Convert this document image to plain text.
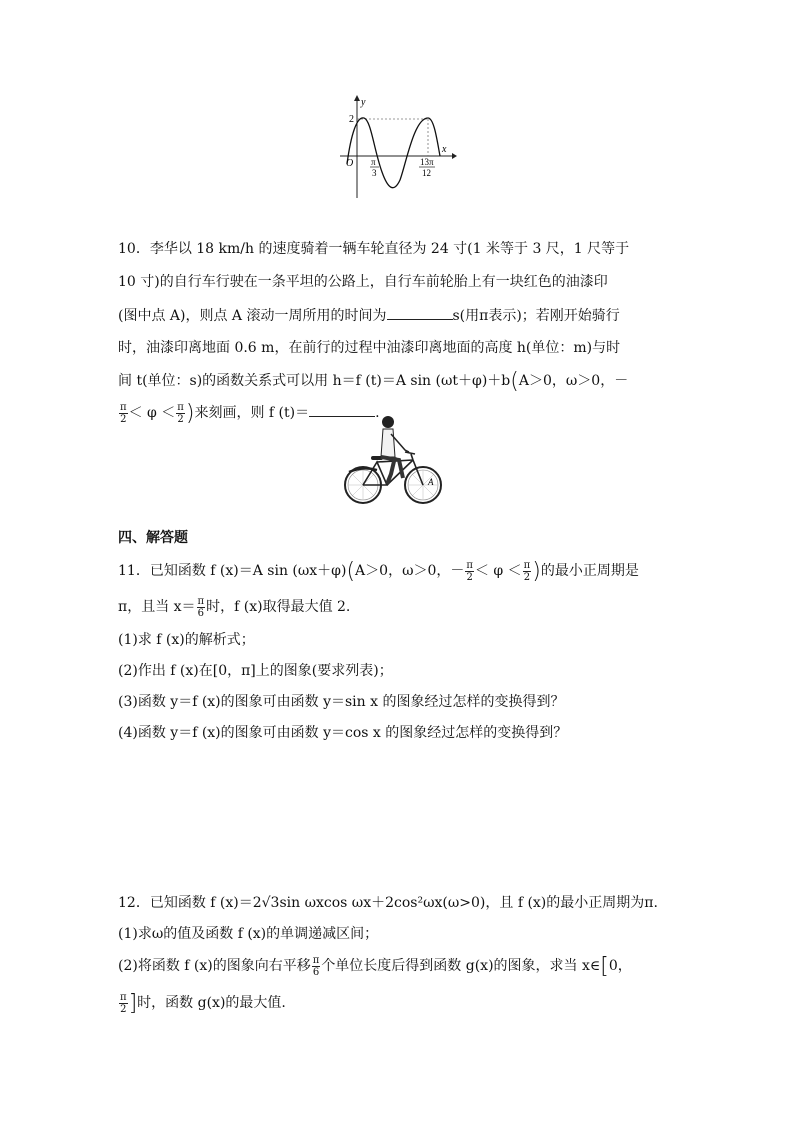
y
x
O
2
π
3
13π
12
10．李华以 18 km/h 的速度骑着一辆车轮直径为 24 寸(1 米等于 3 尺，1 尺等于
10 寸)的自行车行驶在一条平坦的公路上，自行车前轮胎上有一块红色的油漆印
(图中点 A)，则点 A 滚动一周所用的时间为	s(用π表示)；若刚开始骑行
时，油漆印离地面 0.6 m，在前行的过程中油漆印离地面的高度 h(单位：m)与时
间 t(单位：s)的函数关系式可以用 h＝f (t)＝A sin (ωt＋φ)＋b(A＞0，ω＞0，－
$\frac{\pi}{2} < \varphi < \frac{\pi}{2}$ )来刻画，则 f (t)＝	.
A
四、解答题
11．已知函数 f (x)＝A sin (ωx＋φ)(A＞0，ω＞0，－ $\frac{\pi}{2} < \varphi < \frac{\pi}{2}$ )的最小正周期是
π，且当 $x= \frac{\pi}{6}$ 时，f (x)取得最大值 2.
(1)求 f (x)的解析式；
(2)作出 f (x)在[0，π]上的图象(要求列表)；
(3)函数 y＝f (x)的图象可由函数 y＝sin x 的图象经过怎样的变换得到？
(4)函数 y＝f (x)的图象可由函数 y＝cos x 的图象经过怎样的变换得到？
12．已知函数 f (x)＝2√3sin ωxcos ωx＋2cos²ωx(ω>0)，且 f (x)的最小正周期为π.
(1)求ω的值及函数 f (x)的单调递减区间；
(2)将函数 f (x)的图象向右平移 $\frac{\pi}{6}$ 个单位长度后得到函数 g(x)的图象，求当 x∈[0，
$\frac{\pi}{2}$ ]时，函数 g(x)的最大值.
